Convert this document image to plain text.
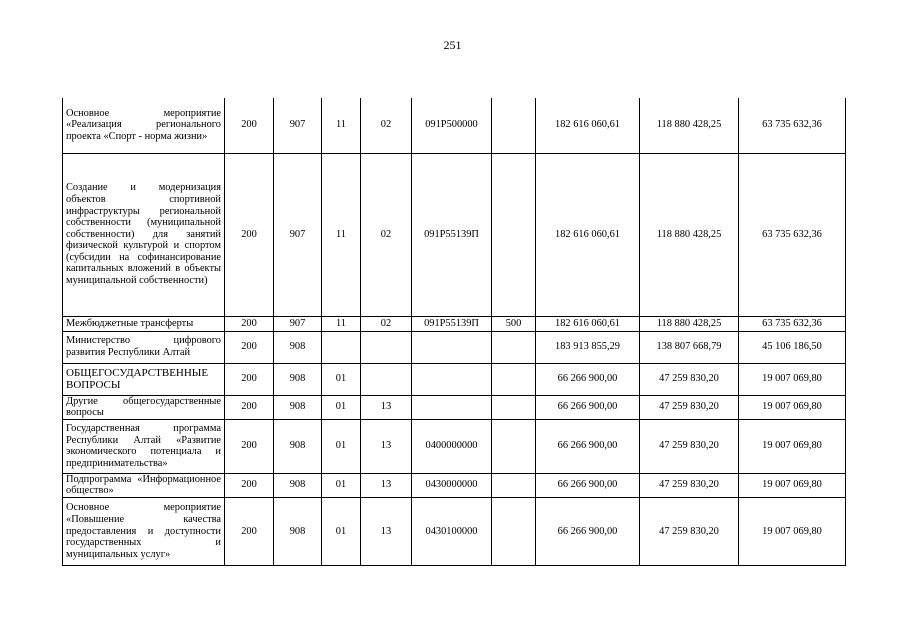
251
Основное мероприятие «Реализация регионального проекта «Спорт - норма жизни»	200	907	11	02	091P500000		182 616 060,61	118 880 428,25	63 735 632,36
Создание и модернизация объектов спортивной инфраструктуры региональной собственности (муниципальной собственности) для занятий физической культурой и спортом (субсидии на софинансирование капитальных вложений в объекты муниципальной собственности)	200	907	11	02	091P55139П		182 616 060,61	118 880 428,25	63 735 632,36
Межбюджетные трансферты	200	907	11	02	091P55139П	500	182 616 060,61	118 880 428,25	63 735 632,36
Министерство цифрового развития Республики Алтай	200	908					183 913 855,29	138 807 668,79	45 106 186,50
ОБЩЕГОСУДАРСТВЕННЫЕ ВОПРОСЫ	200	908	01				66 266 900,00	47 259 830,20	19 007 069,80
Другие общегосударственные вопросы	200	908	01	13			66 266 900,00	47 259 830,20	19 007 069,80
Государственная программа Республики Алтай «Развитие экономического потенциала и предпринимательства»	200	908	01	13	0400000000		66 266 900,00	47 259 830,20	19 007 069,80
Подпрограмма «Информационное общество»	200	908	01	13	0430000000		66 266 900,00	47 259 830,20	19 007 069,80
Основное мероприятие «Повышение качества предоставления и доступности государственных и муниципальных услуг»	200	908	01	13	0430100000		66 266 900,00	47 259 830,20	19 007 069,80
